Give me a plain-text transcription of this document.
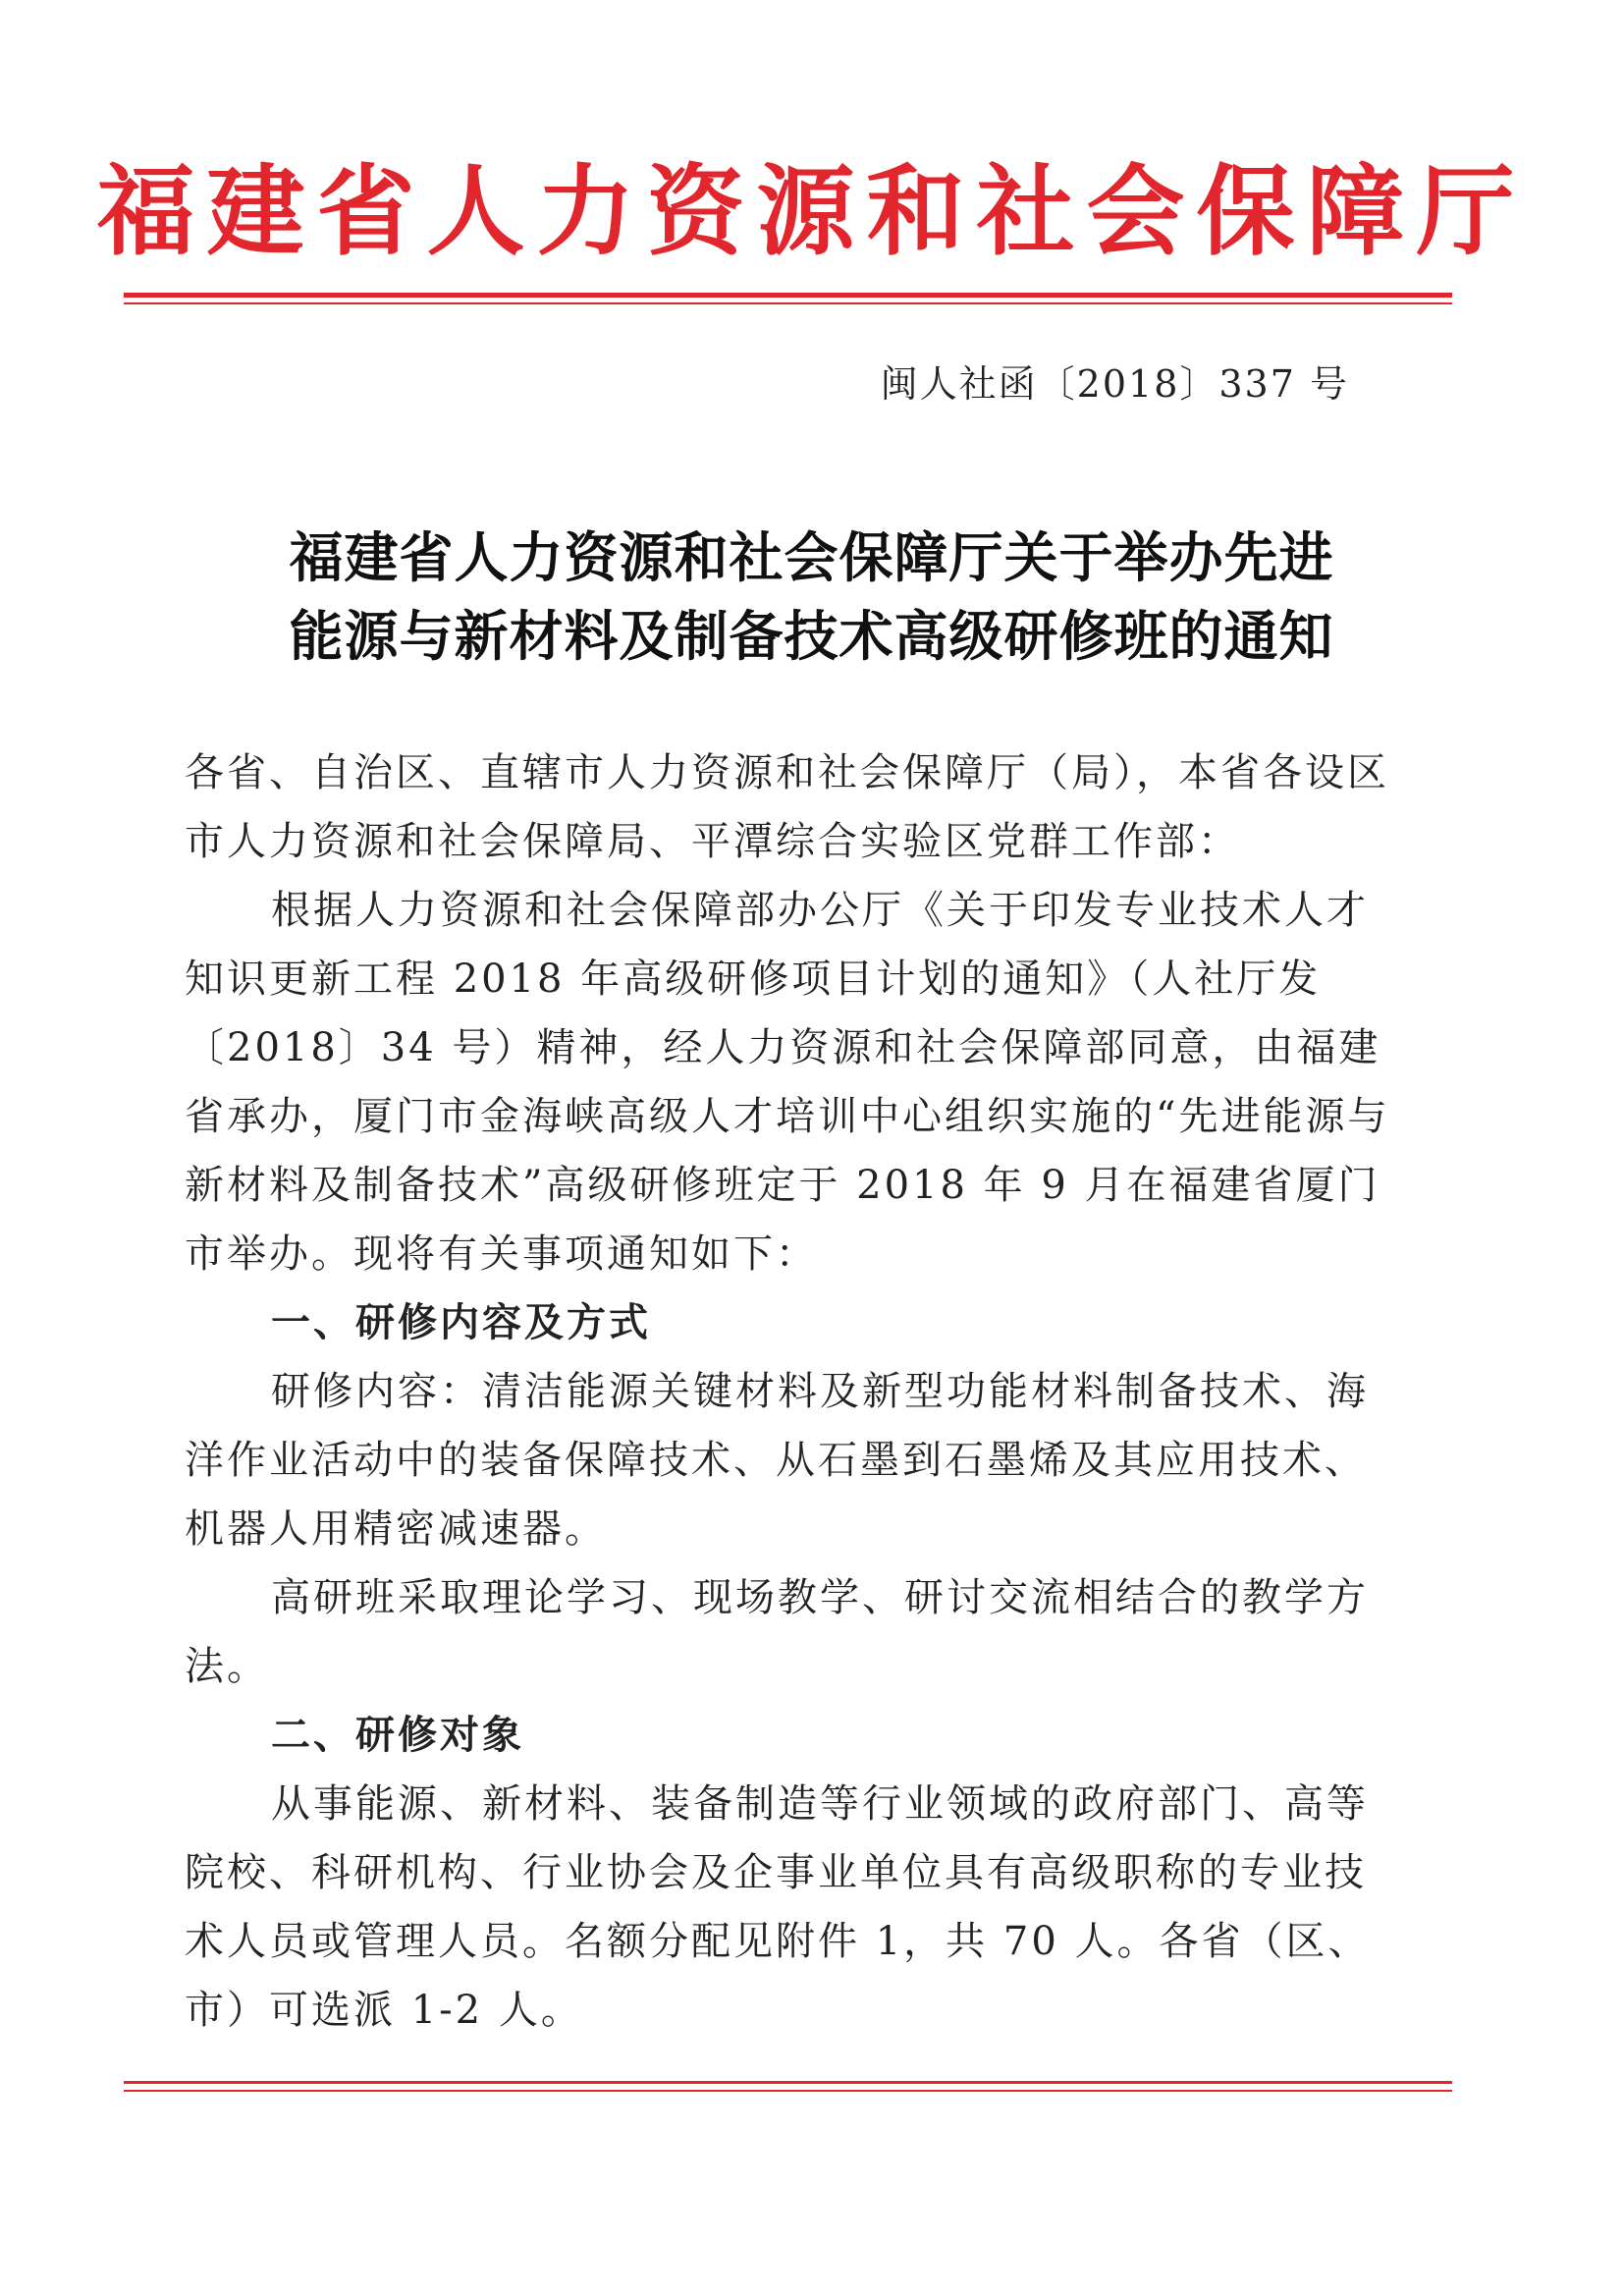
福建省人力资源和社会保障厅
闽人社函〔2018〕337 号
福建省人力资源和社会保障厅关于举办先进
能源与新材料及制备技术高级研修班的通知

各省、自治区、直辖市人力资源和社会保障厅（局），本省各设区市人力资源和社会保障局、平潭综合实验区党群工作部：

根据人力资源和社会保障部办公厅《关于印发专业技术人才知识更新工程 2018 年高级研修项目计划的通知》（人社厅发〔2018〕34 号）精神，经人力资源和社会保障部同意，由福建省承办，厦门市金海峡高级人才培训中心组织实施的“先进能源与新材料及制备技术”高级研修班定于 2018 年 9 月在福建省厦门市举办。现将有关事项通知如下：

一、研修内容及方式

研修内容：清洁能源关键材料及新型功能材料制备技术、海洋作业活动中的装备保障技术、从石墨到石墨烯及其应用技术、机器人用精密减速器。

高研班采取理论学习、现场教学、研讨交流相结合的教学方法。

二、研修对象

从事能源、新材料、装备制造等行业领域的政府部门、高等院校、科研机构、行业协会及企事业单位具有高级职称的专业技术人员或管理人员。名额分配见附件 1，共 70 人。各省（区、市）可选派 1-2 人。
